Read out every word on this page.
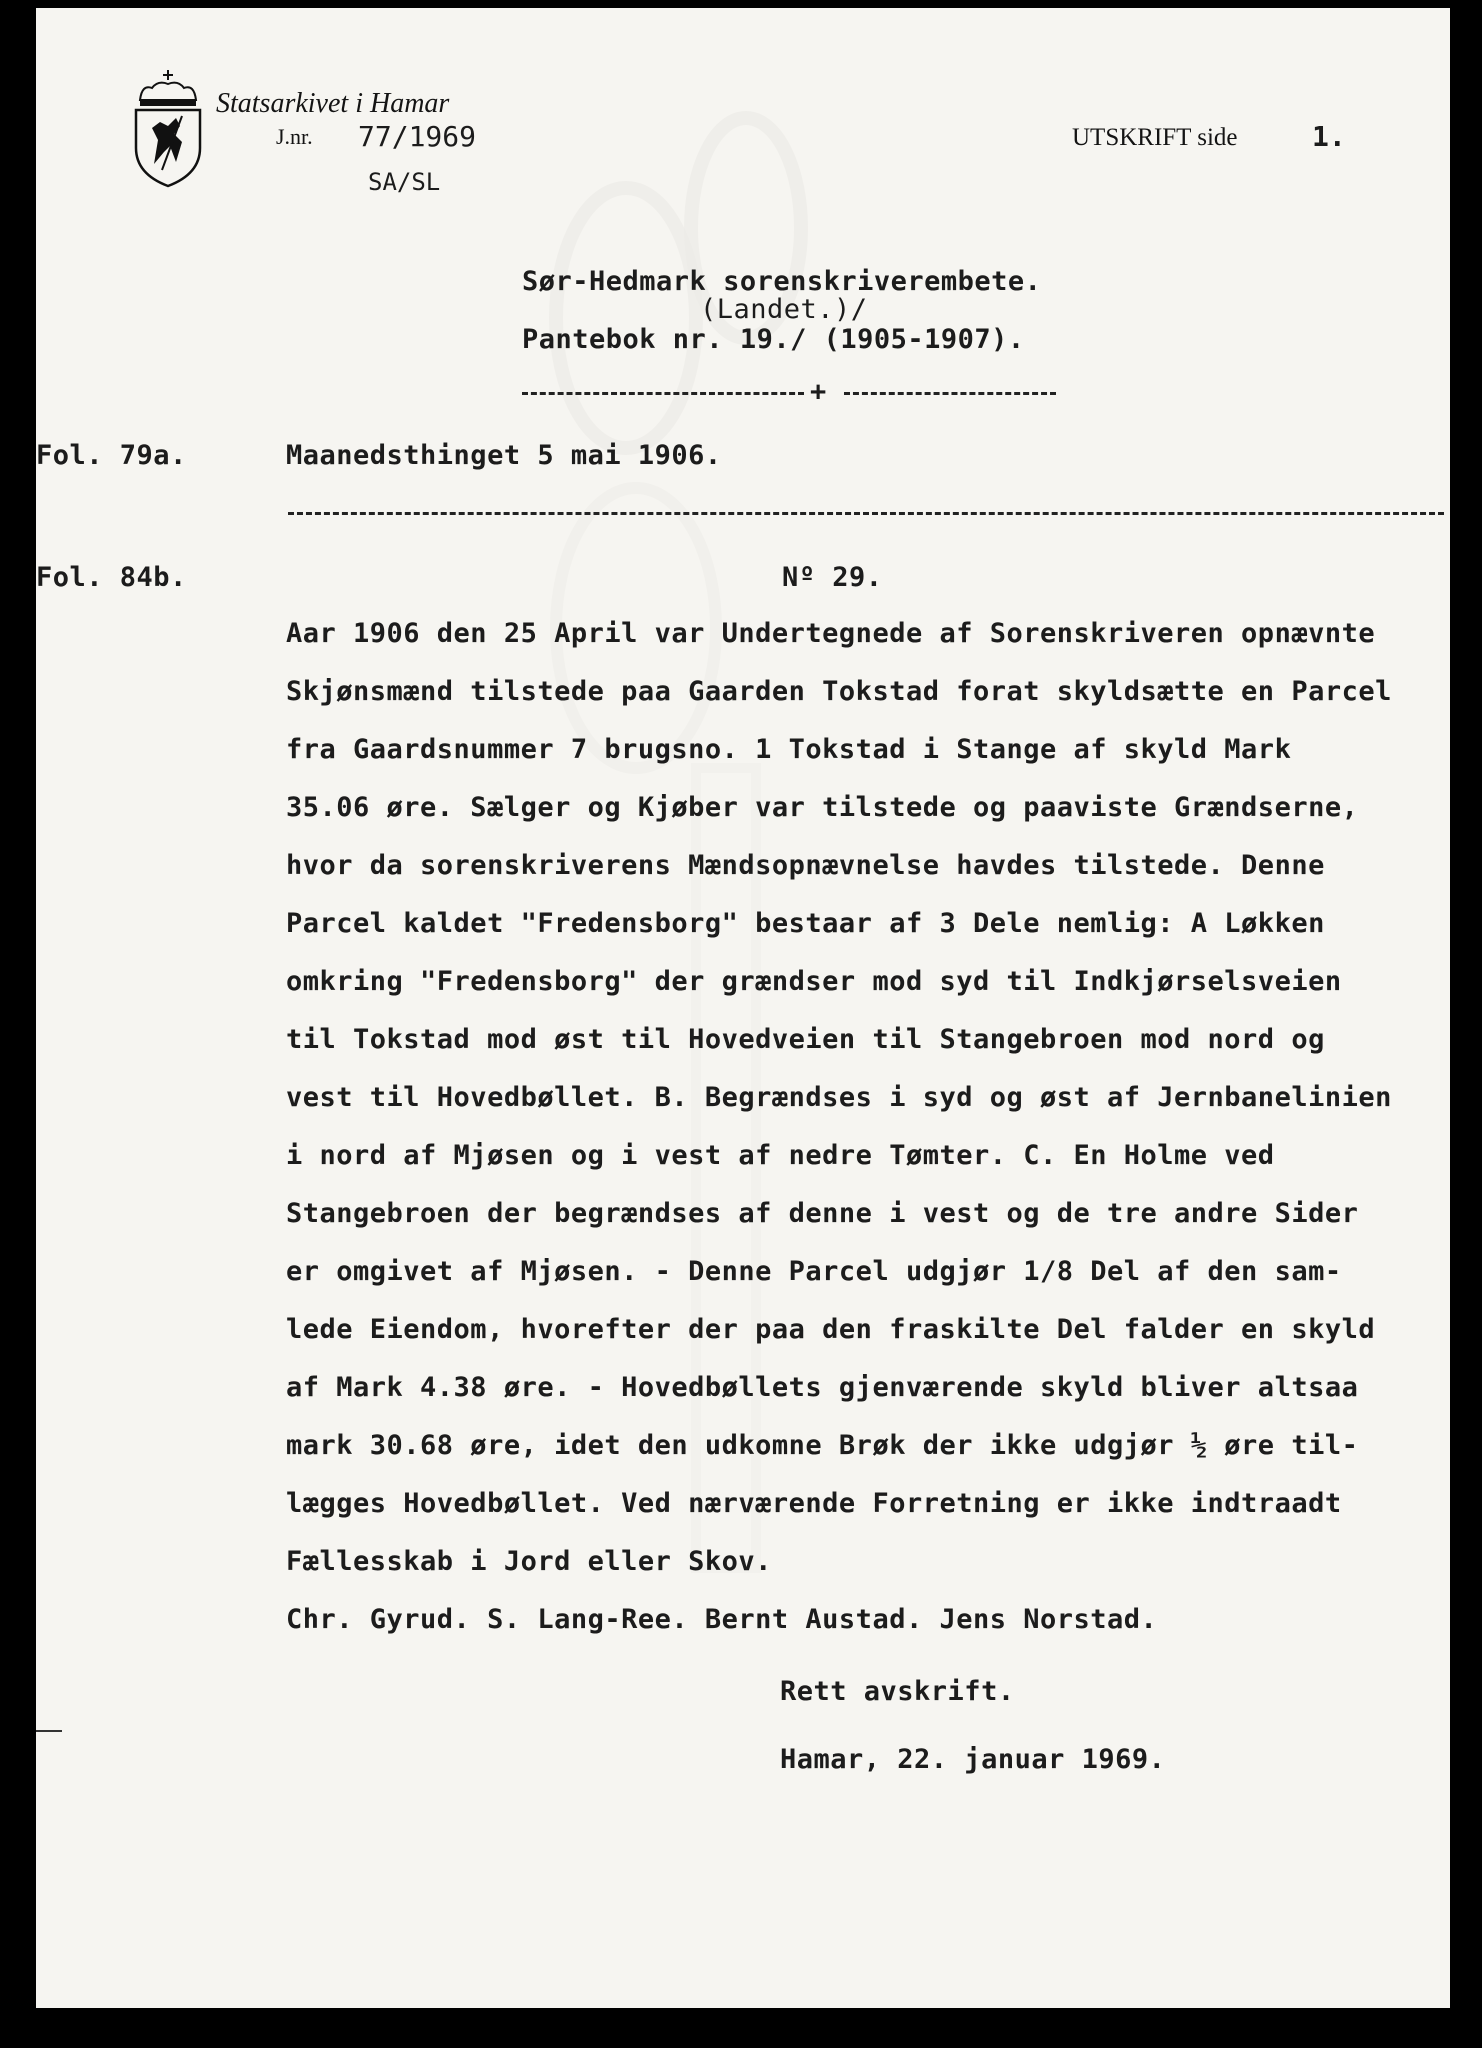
Statsarkivet i Hamar
J.nr. 77/1969
SA/SL
UTSKRIFT side	1.
Sør-Hedmark sorenskriverembete.
(Landet.)/
Pantebok nr. 19./ (1905-1907).
+
Fol. 79a.	Maanedsthinget 5 mai 1906.
Fol. 84b.	Nº 29.
Aar 1906 den 25 April var Undertegnede af Sorenskriveren opnævnte
Skjønsmænd tilstede paa Gaarden Tokstad forat skyldsætte en Parcel
fra Gaardsnummer 7 brugsno. 1 Tokstad i Stange af skyld Mark
35.06 øre. Sælger og Kjøber var tilstede og paaviste Grændserne,
hvor da sorenskriverens Mændsopnævnelse havdes tilstede. Denne
Parcel kaldet "Fredensborg" bestaar af 3 Dele nemlig: A Løkken
omkring "Fredensborg" der grændser mod syd til Indkjørselsveien
til Tokstad mod øst til Hovedveien til Stangebroen mod nord og
vest til Hovedbøllet. B. Begrændses i syd og øst af Jernbanelinien
i nord af Mjøsen og i vest af nedre Tømter. C. En Holme ved
Stangebroen der begrændses af denne i vest og de tre andre Sider
er omgivet af Mjøsen. - Denne Parcel udgjør 1/8 Del af den sam-
lede Eiendom, hvorefter der paa den fraskilte Del falder en skyld
af Mark 4.38 øre. - Hovedbøllets gjenværende skyld bliver altsaa
mark 30.68 øre, idet den udkomne Brøk der ikke udgjør ½ øre til-
lægges Hovedbøllet. Ved nærværende Forretning er ikke indtraadt
Fællesskab i Jord eller Skov.
Chr. Gyrud. S. Lang-Ree. Bernt Austad. Jens Norstad.
Rett avskrift.
Hamar, 22. januar 1969.
